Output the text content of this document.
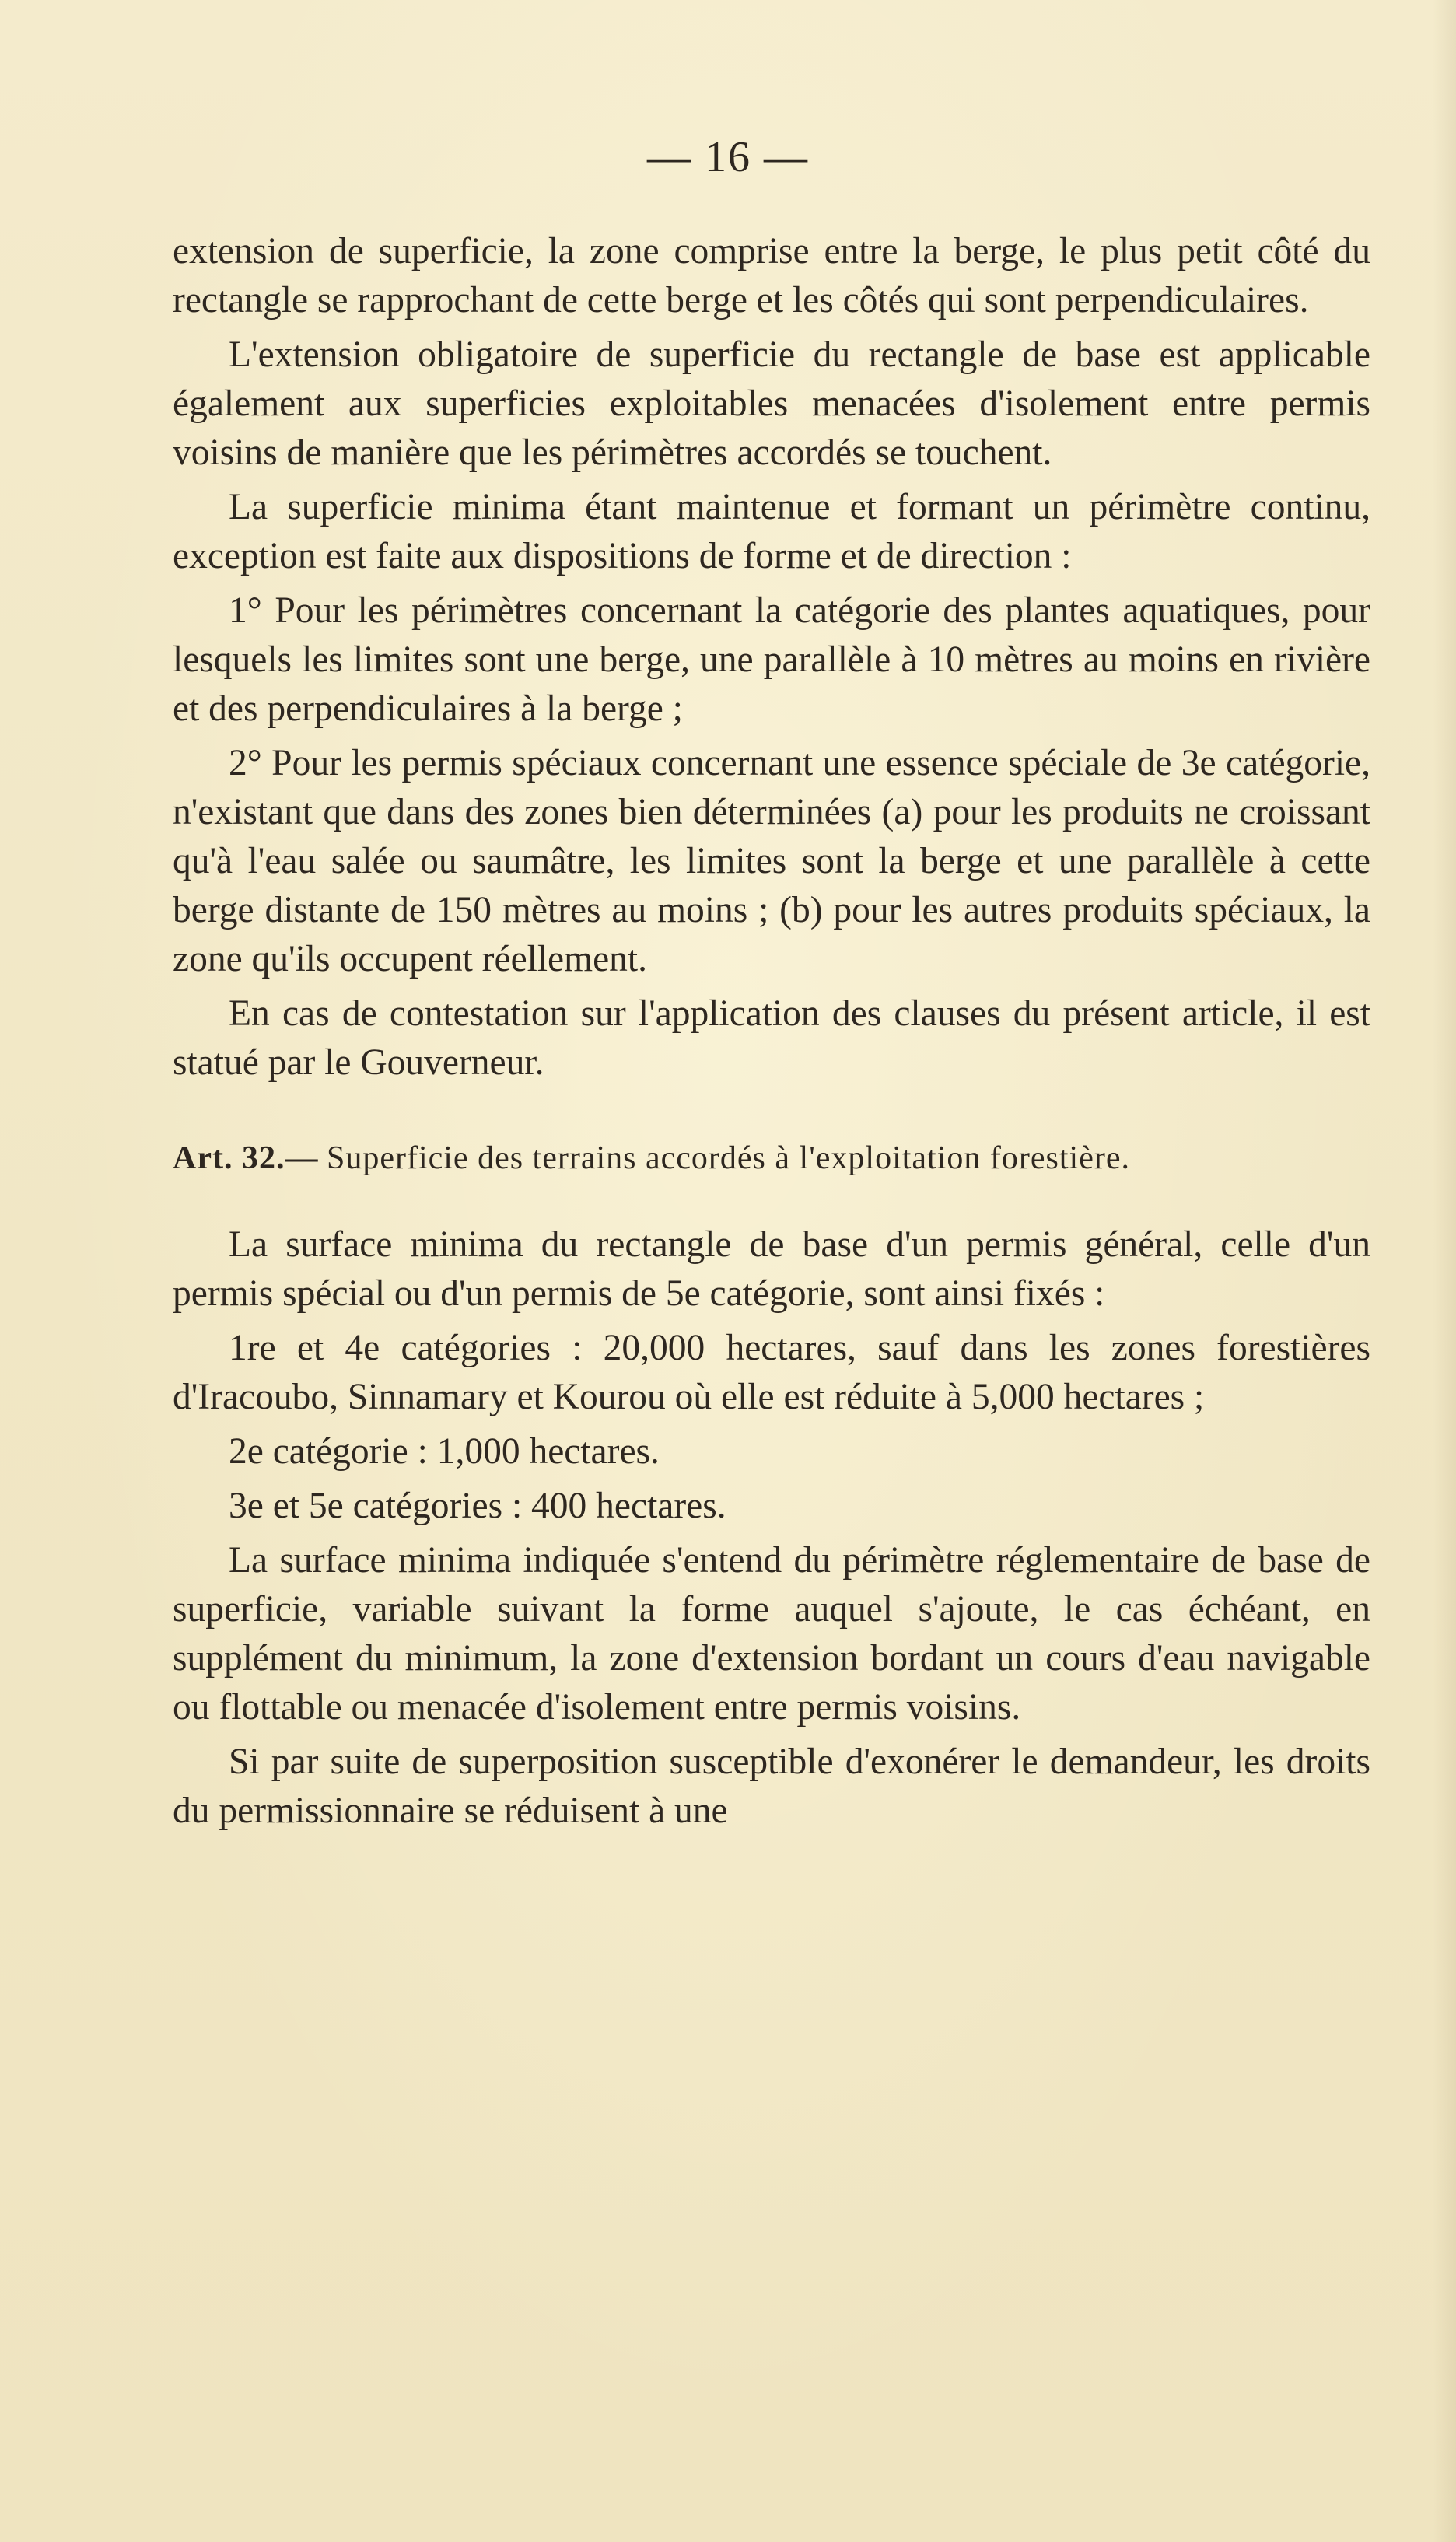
— 16 —

extension de superficie, la zone comprise entre la berge, le plus petit côté du rectangle se rapprochant de cette berge et les côtés qui sont perpendiculaires.

L'extension obligatoire de superficie du rectangle de base est applicable également aux superficies exploitables menacées d'isolement entre permis voisins de manière que les périmètres accordés se touchent.

La superficie minima étant maintenue et formant un périmètre continu, exception est faite aux dispositions de forme et de direction :

1° Pour les périmètres concernant la catégorie des plantes aquatiques, pour lesquels les limites sont une berge, une parallèle à 10 mètres au moins en rivière et des perpendiculaires à la berge ;

2° Pour les permis spéciaux concernant une essence spéciale de 3e catégorie, n'existant que dans des zones bien déterminées (a) pour les produits ne croissant qu'à l'eau salée ou saumâtre, les limites sont la berge et une parallèle à cette berge distante de 150 mètres au moins ; (b) pour les autres produits spéciaux, la zone qu'ils occupent réellement.

En cas de contestation sur l'application des clauses du présent article, il est statué par le Gouverneur.

Art. 32.— Superficie des terrains accordés à l'exploitation forestière.

La surface minima du rectangle de base d'un permis général, celle d'un permis spécial ou d'un permis de 5e catégorie, sont ainsi fixés :

1re et 4e catégories : 20,000 hectares, sauf dans les zones forestières d'Iracoubo, Sinnamary et Kourou où elle est réduite à 5,000 hectares ;

2e catégorie : 1,000 hectares.

3e et 5e catégories : 400 hectares.

La surface minima indiquée s'entend du périmètre réglementaire de base de superficie, variable suivant la forme auquel s'ajoute, le cas échéant, en supplément du minimum, la zone d'extension bordant un cours d'eau navigable ou flottable ou menacée d'isolement entre permis voisins.

Si par suite de superposition susceptible d'exonérer le demandeur, les droits du permissionnaire se réduisent à une
